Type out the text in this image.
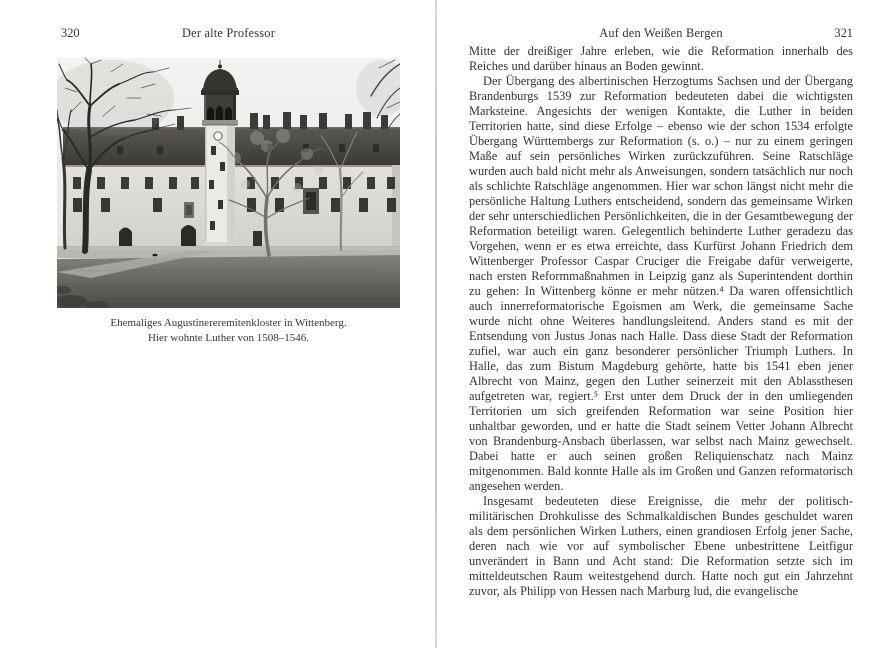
320	Der alte Professor
Ehemaliges Augustinereremitenkloster in Wittenberg.
Hier wohnte Luther von 1508–1546.
Auf den Weißen Bergen	321

Mitte der dreißiger Jahre erleben, wie die Reformation innerhalb des Reiches und darüber hinaus an Boden gewinnt.

Der Übergang des albertinischen Herzogtums Sachsen und der Übergang Brandenburgs 1539 zur Reformation bedeuteten dabei die wichtigsten Marksteine. Angesichts der wenigen Kontakte, die Luther in beiden Territorien hatte, sind diese Erfolge – ebenso wie der schon 1534 erfolgte Übergang Württembergs zur Reformation (s. o.) – nur zu einem geringen Maße auf sein persönliches Wirken zurückzuführen. Seine Ratschläge wurden auch bald nicht mehr als Anweisungen, sondern tatsächlich nur noch als schlichte Ratschläge angenommen. Hier war schon längst nicht mehr die persönliche Haltung Luthers entscheidend, sondern das gemeinsame Wirken der sehr unterschiedlichen Persönlichkeiten, die in der Gesamtbewegung der Reformation beteiligt waren. Gelegentlich behinderte Luther geradezu das Vorgehen, wenn er es etwa erreichte, dass Kurfürst Johann Friedrich dem Wittenberger Professor Caspar Cruciger die Freigabe dafür verweigerte, nach ersten Reformmaßnahmen in Leipzig ganz als Superintendent dorthin zu gehen: In Wittenberg könne er mehr nützen.⁴ Da waren offensichtlich auch innerreformatorische Egoismen am Werk, die gemeinsame Sache wurde nicht ohne Weiteres handlungsleitend. Anders stand es mit der Entsendung von Justus Jonas nach Halle. Dass diese Stadt der Reformation zufiel, war auch ein ganz besonderer persönlicher Triumph Luthers. In Halle, das zum Bistum Magdeburg gehörte, hatte bis 1541 eben jener Albrecht von Mainz, gegen den Luther seinerzeit mit den Ablassthesen aufgetreten war, regiert.⁵ Erst unter dem Druck der in den umliegenden Territorien um sich greifenden Reformation war seine Position hier unhaltbar geworden, und er hatte die Stadt seinem Vetter Johann Albrecht von Brandenburg-Ansbach überlassen, war selbst nach Mainz gewechselt. Dabei hatte er auch seinen großen Reliquienschatz nach Mainz mitgenommen. Bald konnte Halle als im Großen und Ganzen reformatorisch angesehen werden.

Insgesamt bedeuteten diese Ereignisse, die mehr der politisch-militärischen Drohkulisse des Schmalkaldischen Bundes geschuldet waren als dem persönlichen Wirken Luthers, einen grandiosen Erfolg jener Sache, deren nach wie vor auf symbolischer Ebene unbestrittene Leitfigur unverändert in Bann und Acht stand: Die Reformation setzte sich im mitteldeutschen Raum weitestgehend durch. Hatte noch gut ein Jahrzehnt zuvor, als Philipp von Hessen nach Marburg lud, die evangelische
